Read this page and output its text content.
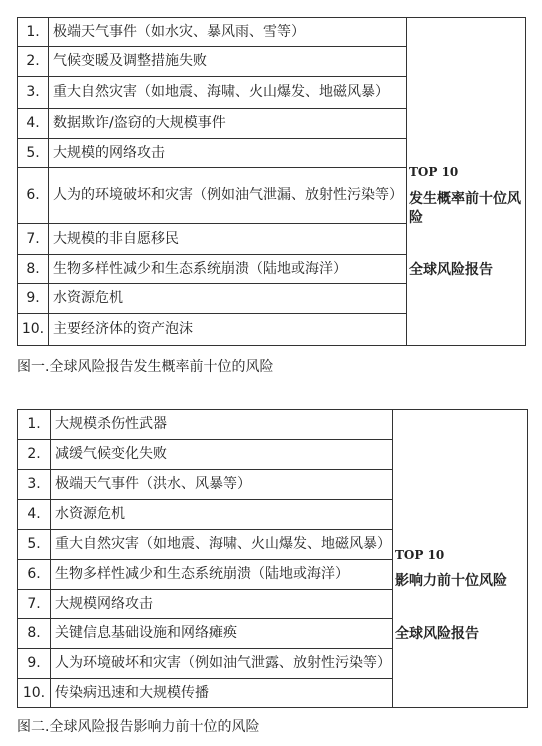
1.	极端天气事件（如水灾、暴风雨、雪等）	TOP 10
发生概率前十位风险
全球风险报告

2.	气候变暖及调整措施失败	
3.	重大自然灾害（如地震、海啸、火山爆发、地磁风暴）	
4.	数据欺诈/盗窃的大规模事件	
5.	大规模的网络攻击	
6.	人为的环境破坏和灾害（例如油气泄漏、放射性污染等）	
7.	大规模的非自愿移民	
8.	生物多样性减少和生态系统崩溃（陆地或海洋）	
9.	水资源危机	
10.	主要经济体的资产泡沫	
图一.全球风险报告发生概率前十位的风险
1.	大规模杀伤性武器	TOP 10
影响力前十位风险
全球风险报告

2.	减缓气候变化失败	
3.	极端天气事件（洪水、风暴等）	
4.	水资源危机	
5.	重大自然灾害（如地震、海啸、火山爆发、地磁风暴）	
6.	生物多样性减少和生态系统崩溃（陆地或海洋）	
7.	大规模网络攻击	
8.	关键信息基础设施和网络瘫痪	
9.	人为环境破坏和灾害（例如油气泄露、放射性污染等）	
10.	传染病迅速和大规模传播	
图二.全球风险报告影响力前十位的风险
